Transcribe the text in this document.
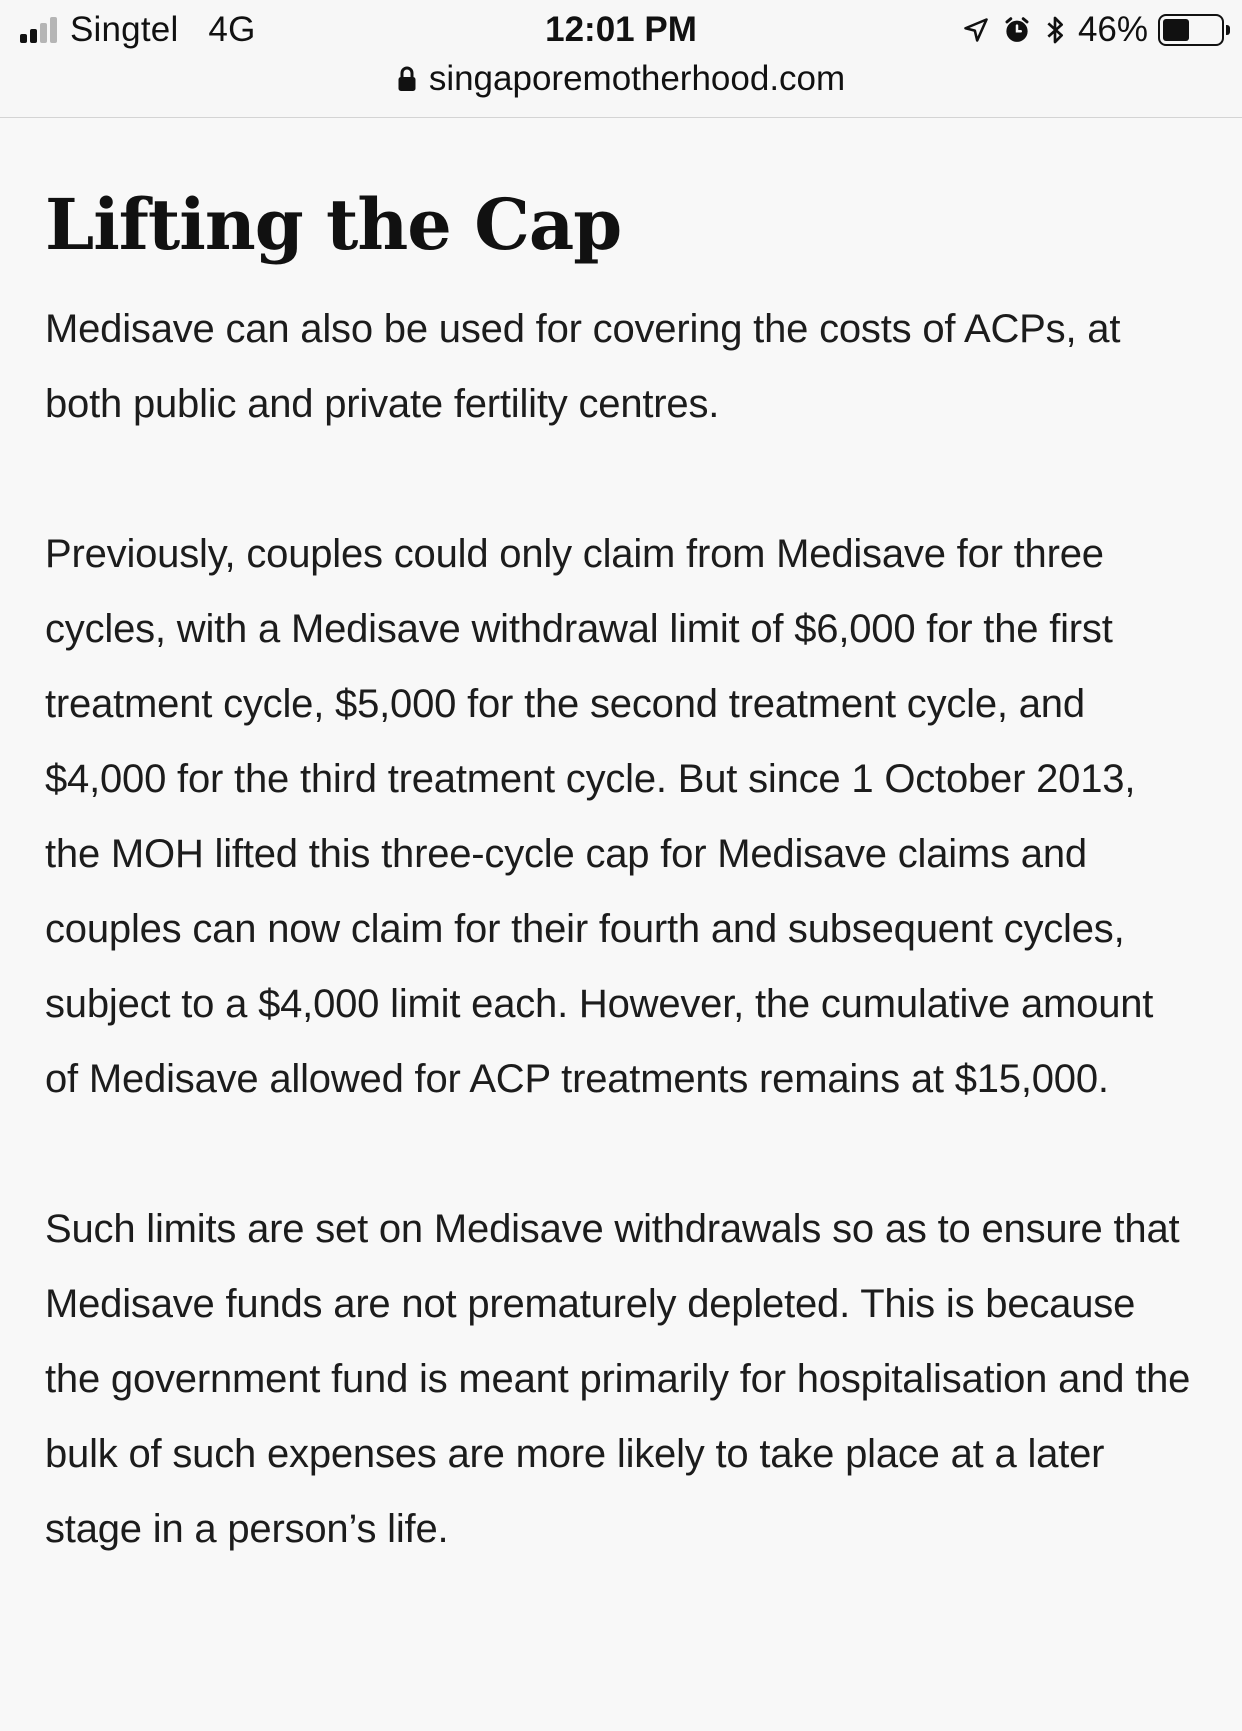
Singtel 4G	12:01 PM	46%
singaporemotherhood.com
Lifting the Cap

Medisave can also be used for covering the costs of ACPs, at both public and private fertility centres.

Previously, couples could only claim from Medisave for three cycles, with a Medisave withdrawal limit of $6,000 for the first treatment cycle, $5,000 for the second treatment cycle, and $4,000 for the third treatment cycle. But since 1 October 2013, the MOH lifted this three-cycle cap for Medisave claims and couples can now claim for their fourth and subsequent cycles, subject to a $4,000 limit each. However, the cumulative amount of Medisave allowed for ACP treatments remains at $15,000.

Such limits are set on Medisave withdrawals so as to ensure that Medisave funds are not prematurely depleted. This is because the government fund is meant primarily for hospitalisation and the bulk of such expenses are more likely to take place at a later stage in a person’s life.
